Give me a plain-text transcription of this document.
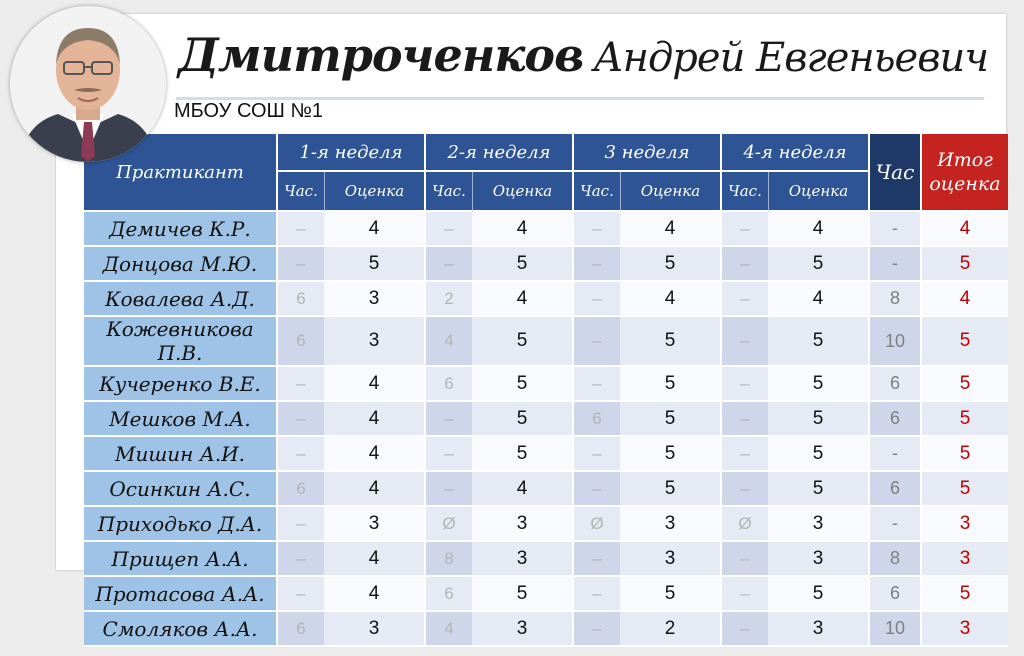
Дмитроченков Андрей Евгеньевич
МБОУ СОШ №1
Практикант	1-я неделя		2-я неделя		3 неделя		4-я неделя		Час	Итог
оценка
	Час.	Оценка	Час.	Оценка	Час.	Оценка	Час.	Оценка		
Демичев К.Р.	–	4	–	4	–	4	–	4	-	4
Донцова М.Ю.	–	5	–	5	–	5	–	5	-	5
Ковалева А.Д.	6	3	2	4	–	4	–	4	8	4
Кожевникова П.В.	6	3	4	5	–	5	–	5	10	5
Кучеренко В.Е.	–	4	6	5	–	5	–	5	6	5
Мешков М.А.	–	4	–	5	6	5	–	5	6	5
Мишин А.И.	–	4	–	5	–	5	–	5	-	5
Осинкин А.С.	6	4	–	4	–	5	–	5	6	5
Приходько Д.А.	–	3	Ø	3	Ø	3	Ø	3	-	3
Прищеп А.А.	–	4	8	3	–	3	–	3	8	3
Протасова А.А.	–	4	6	5	–	5	–	5	6	5
Смоляков А.А.	6	3	4	3	–	2	–	3	10	3
